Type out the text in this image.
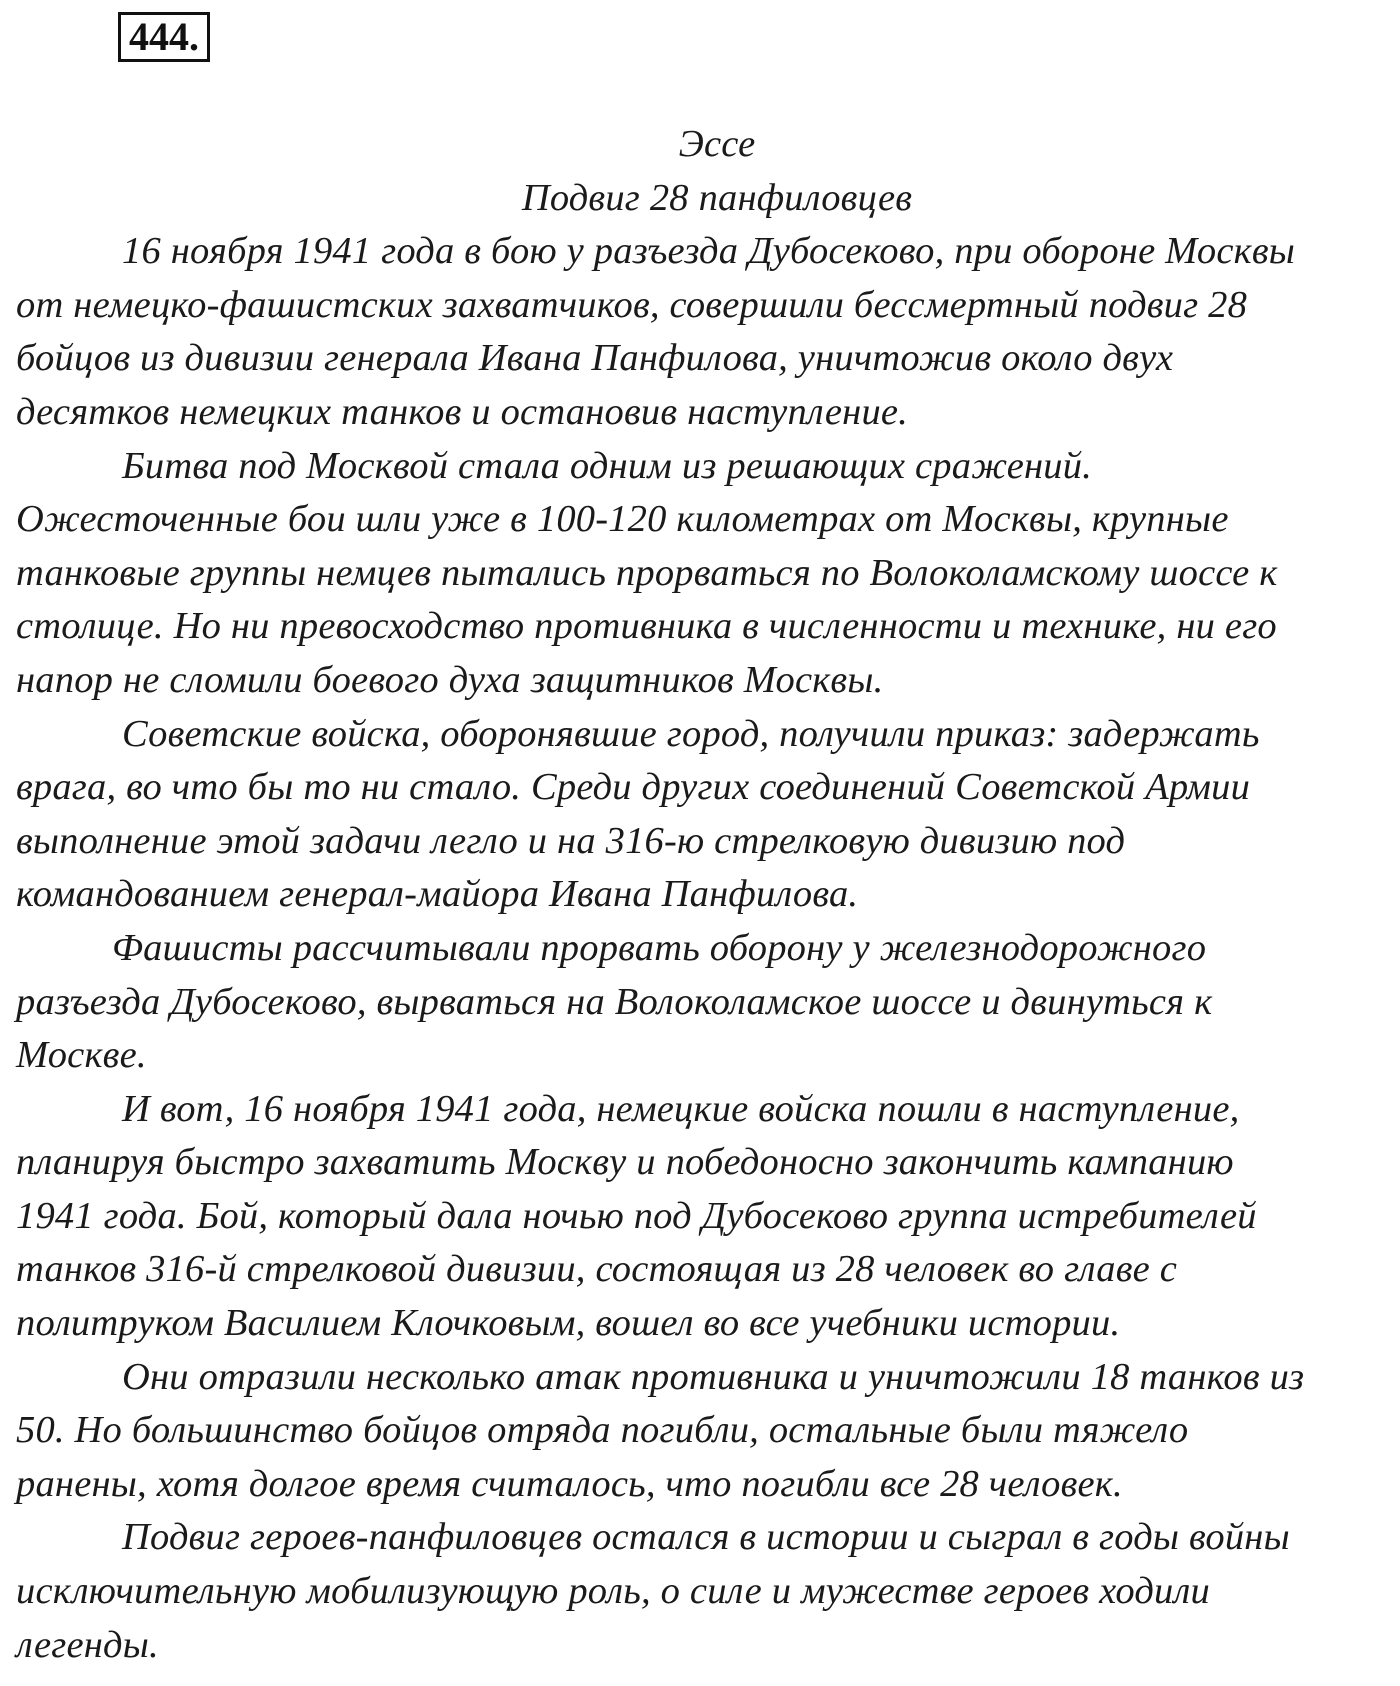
444.
Эссе
Подвиг 28 панфиловцев
16 ноября 1941 года в бою у разъезда Дубосеково, при обороне Москвы
от немецко-фашистских захватчиков, совершили бессмертный подвиг 28
бойцов из дивизии генерала Ивана Панфилова, уничтожив около двух
десятков немецких танков и остановив наступление.
Битва под Москвой стала одним из решающих сражений.
Ожесточенные бои шли уже в 100-120 километрах от Москвы, крупные
танковые группы немцев пытались прорваться по Волоколамскому шоссе к
столице. Но ни превосходство противника в численности и технике, ни его
напор не сломили боевого духа защитников Москвы.
Советские войска, оборонявшие город, получили приказ: задержать
врага, во что бы то ни стало. Среди других соединений Советской Армии
выполнение этой задачи легло и на 316-ю стрелковую дивизию под
командованием генерал-майора Ивана Панфилова.
Фашисты рассчитывали прорвать оборону у железнодорожного
разъезда Дубосеково, вырваться на Волоколамское шоссе и двинуться к
Москве.
И вот, 16 ноября 1941 года, немецкие войска пошли в наступление,
планируя быстро захватить Москву и победоносно закончить кампанию
1941 года. Бой, который дала ночью под Дубосеково группа истребителей
танков 316-й стрелковой дивизии, состоящая из 28 человек во главе с
политруком Василием Клочковым, вошел во все учебники истории.
Они отразили несколько атак противника и уничтожили 18 танков из
50. Но большинство бойцов отряда погибли, остальные были тяжело
ранены, хотя долгое время считалось, что погибли все 28 человек.
Подвиг героев-панфиловцев остался в истории и сыграл в годы войны
исключительную мобилизующую роль, о силе и мужестве героев ходили
легенды.
